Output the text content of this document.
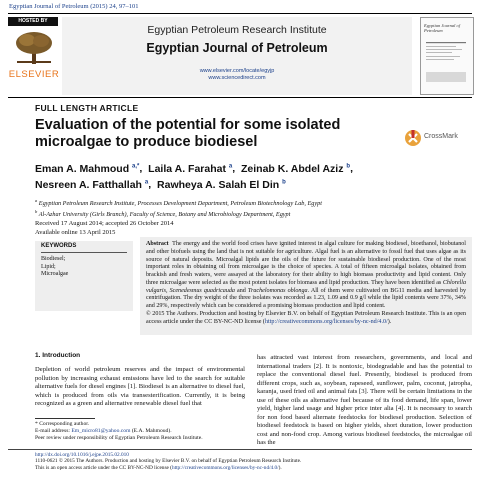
Egyptian Journal of Petroleum (2015) 24, 97–101
HOSTED BY
ELSEVIER
Egyptian Petroleum Research Institute
Egyptian Journal of Petroleum
www.elsevier.com/locate/egyjp
www.sciencedirect.com
Egyptian Journal of Petroleum
FULL LENGTH ARTICLE
Evaluation of the potential for some isolated
microalgae to produce biodiesel	CrossMark
Eman A. Mahmoud $^{a,*}$,  Laila A. Farahat $^a$,  Zeinab K. Abdel Aziz $^b$,
Nesreen A. Fatthallah $^a$,  Rawheya A. Salah El Din $^b$
$^a$ Egyptian Petroleum Research Institute, Processes Development Department, Petroleum Biotechnology Lab, Egypt
$^b$ Al-Azhar University (Girls Branch), Faculty of Science, Botany and Microbiology Department, Egypt
Received 17 August 2014; accepted 26 October 2014
Available online 13 April 2015
KEYWORDS
Biodiesel;
Lipid;
Microalgae
Abstract The energy and the world food crises have ignited interest in algal culture for making biodiesel, bioethanol, biobutanol and other biofuels using the land that is not suitable for agriculture. Algal fuel is an alternative to fossil fuel that uses algae as its source of natural deposits. Microalgal lipids are the oils of the future for sustainable biodiesel production. One of the most important roles in obtaining oil from microalgae is the choice of species. A total of fifteen microalgal isolates, obtained from brackish and fresh waters, were assayed at the laboratory for their ability to high biomass productivity and lipid content. Only three microalgae were selected as the most potent isolates for biomass and lipid production. They have been identified as Chlorella vulgaris, Scenedesmus quadricauda and Trachelomonas oblonga. All of them were cultivated on BG11 media and harvested by centrifugation. The dry weight of the three isolates was recorded as 1.23, 1.09 and 0.9 g/l while the lipid contents were 37%, 34% and 29%, respectively which can be considered a promising biomass production and lipid content.
© 2015 The Authors. Production and hosting by Elsevier B.V. on behalf of Egyptian Petroleum Research Institute. This is an open access article under the CC BY-NC-ND license (http://creativecommons.org/licenses/by-nc-nd/4.0/).
1. Introduction
Depletion of world petroleum reserves and the impact of environmental pollution by increasing exhaust emissions have led to the search for suitable alternative fuels for diesel engines [1]. Biodiesel is an alternative to diesel fuel, which is produced from oils via transesterification. Currently, it is being recognized as a green and alternative renewable diesel fuel that
has attracted vast interest from researchers, governments, and local and international traders [2]. It is nontoxic, biodegradable and has the potential to replace the conventional diesel fuel. Presently, biodiesel is produced from different crops, such as, soybean, rapeseed, sunflower, palm, coconut, jatropha, karanja, used fried oil and animal fats [3]. There will be certain limitations in the use of these oils as alternative fuel because of its food demand, life span, lower yield, higher land usage and higher price inter alia [4]. It is necessary to search for non food based alternate feedstocks for biodiesel production. Selection of biodiesel feedstock is based on higher yields, short duration, lower production cost and non-food crop. Among various biodiesel feedstocks, the microalgae oil has the
* Corresponding author.
E-mail address: Em_micro81@yahoo.com (E.A. Mahmoud).
Peer review under responsibility of Egyptian Petroleum Research Institute.
http://dx.doi.org/10.1016/j.ejpe.2015.02.010
1110-0621 © 2015 The Authors. Production and hosting by Elsevier B.V. on behalf of Egyptian Petroleum Research Institute.
This is an open access article under the CC BY-NC-ND license (http://creativecommons.org/licenses/by-nc-nd/4.0/).
